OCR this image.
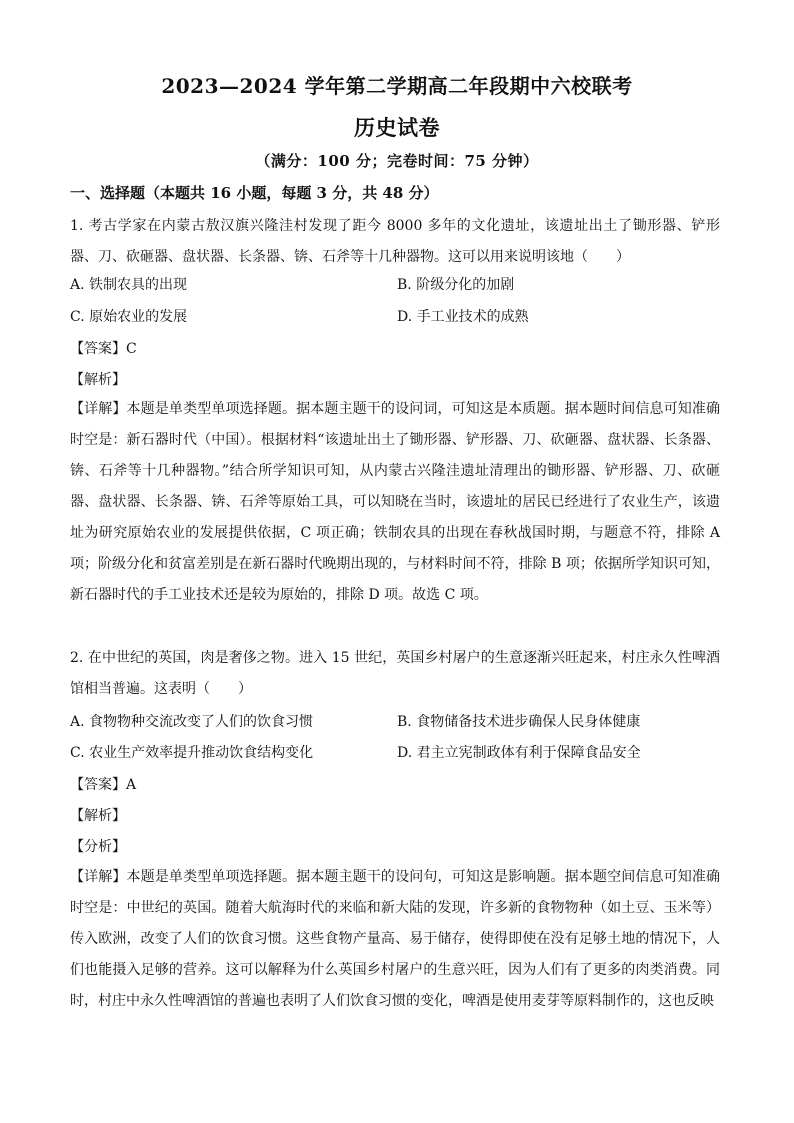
2023—2024 学年第二学期高二年段期中六校联考
历史试卷
（满分：100 分；完卷时间：75 分钟）
一、选择题（本题共 16 小题，每题 3 分，共 48 分）
1. 考古学家在内蒙古敖汉旗兴隆洼村发现了距今 8000 多年的文化遗址，该遗址出土了锄形器、铲形器、刀、砍砸器、盘状器、长条器、锛、石斧等十几种器物。这可以用来说明该地（　　）
A. 铁制农具的出现	B. 阶级分化的加剧
C. 原始农业的发展	D. 手工业技术的成熟
【答案】C
【解析】
【详解】本题是单类型单项选择题。据本题主题干的设问词，可知这是本质题。据本题时间信息可知准确时空是：新石器时代（中国）。根据材料“该遗址出土了锄形器、铲形器、刀、砍砸器、盘状器、长条器、锛、石斧等十几种器物。”结合所学知识可知，从内蒙古兴隆洼遗址清理出的锄形器、铲形器、刀、砍砸器、盘状器、长条器、锛、石斧等原始工具，可以知晓在当时，该遗址的居民已经进行了农业生产，该遗址为研究原始农业的发展提供依据，C 项正确；铁制农具的出现在春秋战国时期，与题意不符，排除 A 项；阶级分化和贫富差别是在新石器时代晚期出现的，与材料时间不符，排除 B 项；依据所学知识可知，新石器时代的手工业技术还是较为原始的，排除 D 项。故选 C 项。
2. 在中世纪的英国，肉是奢侈之物。进入 15 世纪，英国乡村屠户的生意逐渐兴旺起来，村庄永久性啤酒馆相当普遍。这表明（　　）
A. 食物物种交流改变了人们的饮食习惯	B. 食物储备技术进步确保人民身体健康
C. 农业生产效率提升推动饮食结构变化	D. 君主立宪制政体有利于保障食品安全
【答案】A
【解析】
【分析】
【详解】本题是单类型单项选择题。据本题主题干的设问句，可知这是影响题。据本题空间信息可知准确时空是：中世纪的英国。随着大航海时代的来临和新大陆的发现，许多新的食物物种（如土豆、玉米等）传入欧洲，改变了人们的饮食习惯。这些食物产量高、易于储存，使得即使在没有足够土地的情况下，人们也能摄入足够的营养。这可以解释为什么英国乡村屠户的生意兴旺，因为人们有了更多的肉类消费。同时，村庄中永久性啤酒馆的普遍也表明了人们饮食习惯的变化，啤酒是使用麦芽等原料制作的，这也反映
